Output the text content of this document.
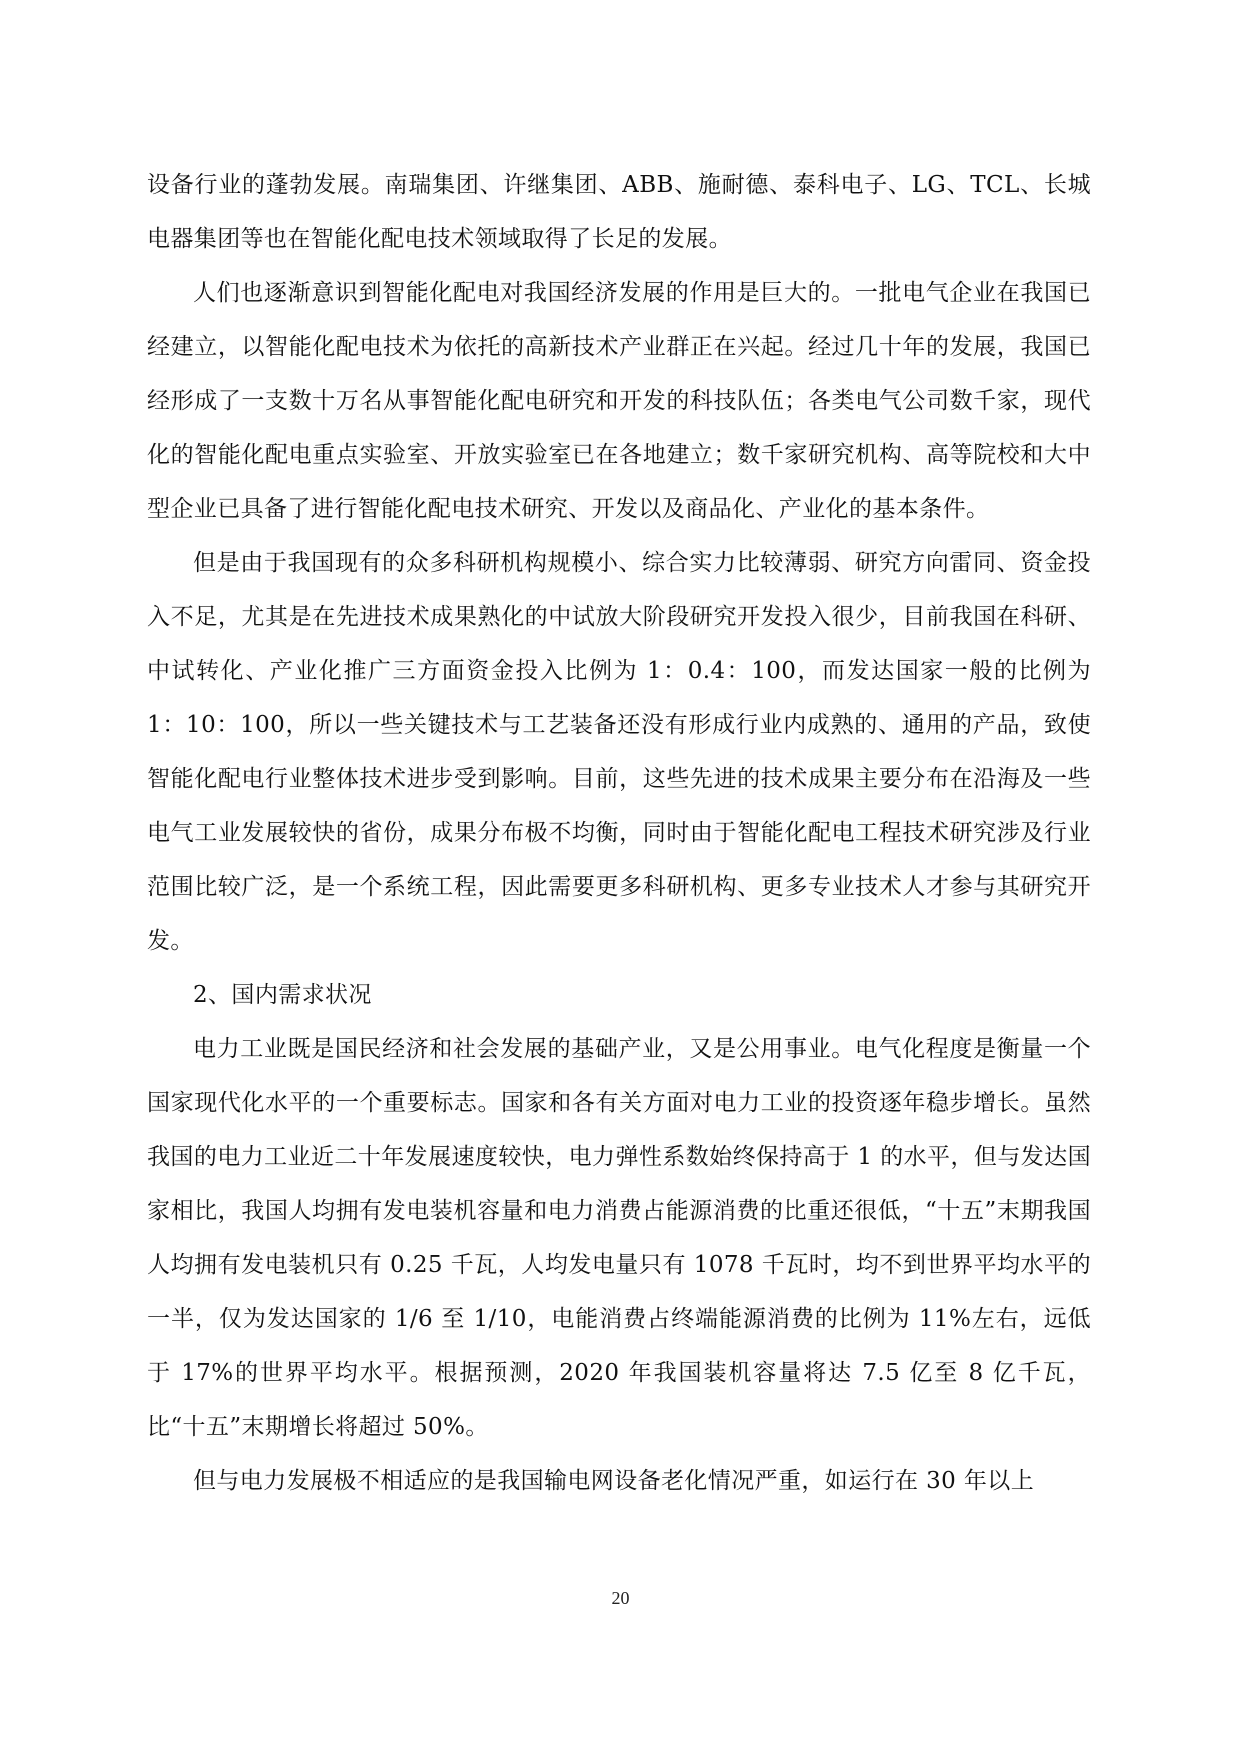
设备行业的蓬勃发展。南瑞集团、许继集团、ABB、施耐德、泰科电子、LG、TCL、长城电器集团等也在智能化配电技术领域取得了长足的发展。

人们也逐渐意识到智能化配电对我国经济发展的作用是巨大的。一批电气企业在我国已经建立，以智能化配电技术为依托的高新技术产业群正在兴起。经过几十年的发展，我国已经形成了一支数十万名从事智能化配电研究和开发的科技队伍；各类电气公司数千家，现代化的智能化配电重点实验室、开放实验室已在各地建立；数千家研究机构、高等院校和大中型企业已具备了进行智能化配电技术研究、开发以及商品化、产业化的基本条件。

但是由于我国现有的众多科研机构规模小、综合实力比较薄弱、研究方向雷同、资金投入不足，尤其是在先进技术成果熟化的中试放大阶段研究开发投入很少，目前我国在科研、中试转化、产业化推广三方面资金投入比例为 1：0.4：100，而发达国家一般的比例为 1：10：100，所以一些关键技术与工艺装备还没有形成行业内成熟的、通用的产品，致使智能化配电行业整体技术进步受到影响。目前，这些先进的技术成果主要分布在沿海及一些电气工业发展较快的省份，成果分布极不均衡，同时由于智能化配电工程技术研究涉及行业范围比较广泛，是一个系统工程，因此需要更多科研机构、更多专业技术人才参与其研究开发。

2、国内需求状况

电力工业既是国民经济和社会发展的基础产业，又是公用事业。电气化程度是衡量一个国家现代化水平的一个重要标志。国家和各有关方面对电力工业的投资逐年稳步增长。虽然我国的电力工业近二十年发展速度较快，电力弹性系数始终保持高于 1 的水平，但与发达国家相比，我国人均拥有发电装机容量和电力消费占能源消费的比重还很低，“十五”末期我国人均拥有发电装机只有 0.25 千瓦，人均发电量只有 1078 千瓦时，均不到世界平均水平的一半，仅为发达国家的 1/6 至 1/10，电能消费占终端能源消费的比例为 11%左右，远低于 17%的世界平均水平。根据预测，2020 年我国装机容量将达 7.5 亿至 8 亿千瓦，比“十五”末期增长将超过 50%。

但与电力发展极不相适应的是我国输电网设备老化情况严重，如运行在 30 年以上

20
